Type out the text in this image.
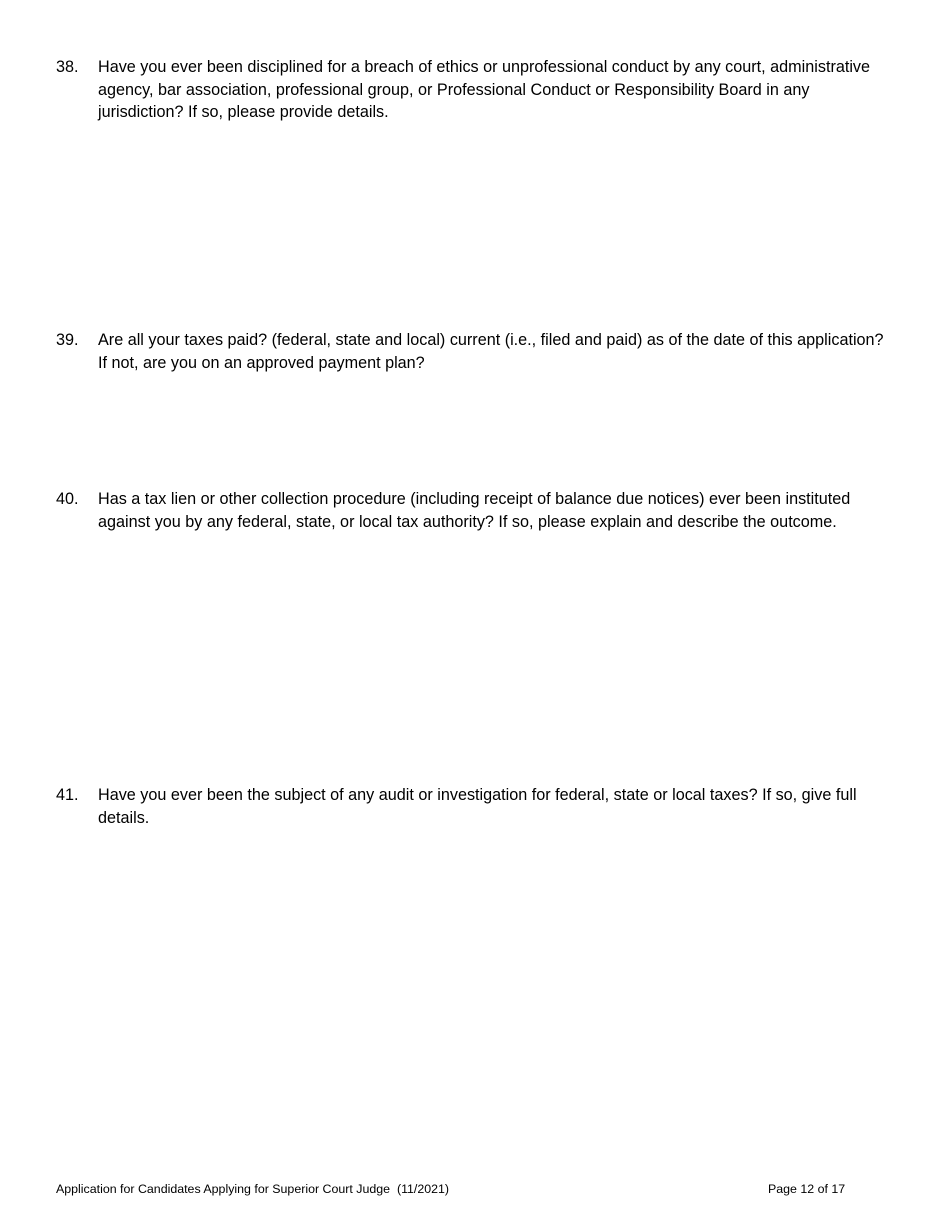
38.	Have you ever been disciplined for a breach of ethics or unprofessional conduct by any court, administrative agency, bar association, professional group, or Professional Conduct or Responsibility Board in any jurisdiction? If so, please provide details.
39.	Are all your taxes paid? (federal, state and local) current (i.e., filed and paid) as of the date of this application? If not, are you on an approved payment plan?
40.	Has a tax lien or other collection procedure (including receipt of balance due notices) ever been instituted against you by any federal, state, or local tax authority? If so, please explain and describe the outcome.
41.	Have you ever been the subject of any audit or investigation for federal, state or local taxes? If so, give full details.
Application for Candidates Applying for Superior Court Judge  (11/2021)	Page 12 of 17
